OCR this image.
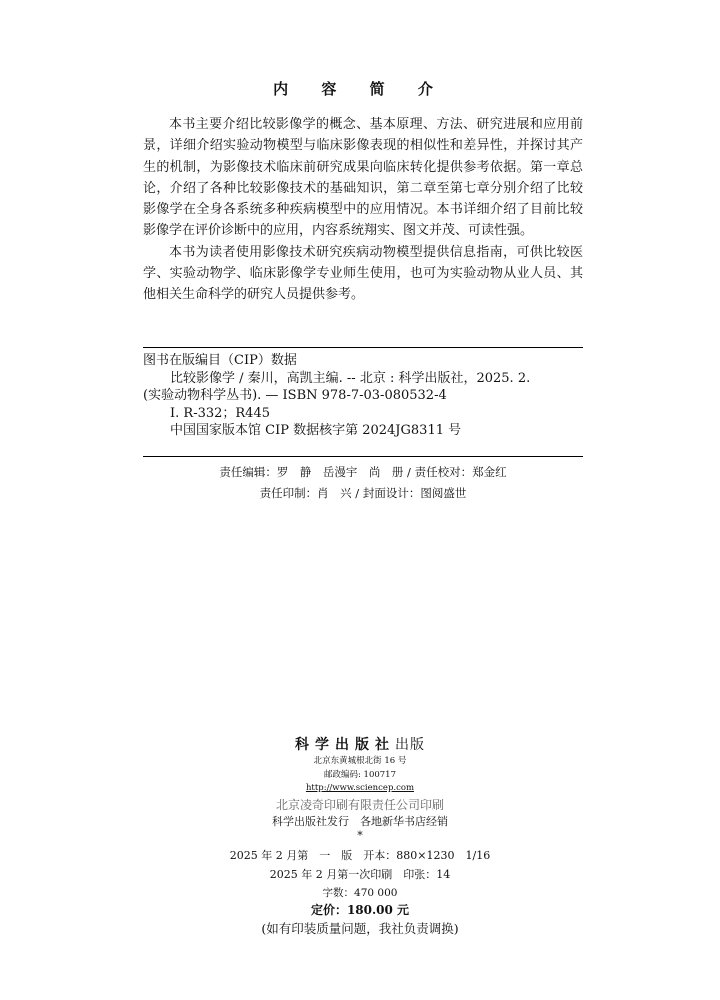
内 容 简 介

本书主要介绍比较影像学的概念、基本原理、方法、研究进展和应用前景，详细介绍实验动物模型与临床影像表现的相似性和差异性，并探讨其产生的机制，为影像技术临床前研究成果向临床转化提供参考依据。第一章总论，介绍了各种比较影像技术的基础知识，第二章至第七章分别介绍了比较影像学在全身各系统多种疾病模型中的应用情况。本书详细介绍了目前比较影像学在评价诊断中的应用，内容系统翔实、图文并茂、可读性强。

本书为读者使用影像技术研究疾病动物模型提供信息指南，可供比较医学、实验动物学、临床影像学专业师生使用，也可为实验动物从业人员、其他相关生命科学的研究人员提供参考。

图书在版编目（CIP）数据
比较影像学 / 秦川，高凯主编. -- 北京 : 科学出版社，2025. 2.
(实验动物科学丛书). — ISBN 978-7-03-080532-4
Ⅰ. R-332；R445
中国国家版本馆 CIP 数据核字第 2024JG8311 号
责任编辑：罗　静　岳漫宇　尚　册 / 责任校对：郑金红
责任印制：肖　兴 / 封面设计：图阅盛世
科学出版社出版
北京东黄城根北街 16 号
邮政编码: 100717
http://www.sciencep.com
北京凌奇印刷有限责任公司印刷
科学出版社发行　各地新华书店经销
*
2025 年 2 月第　一　版　开本：880×1230　1/16
2025 年 2 月第一次印刷　印张：14
字数：470 000
定价：180.00 元
(如有印装质量问题，我社负责调换)
